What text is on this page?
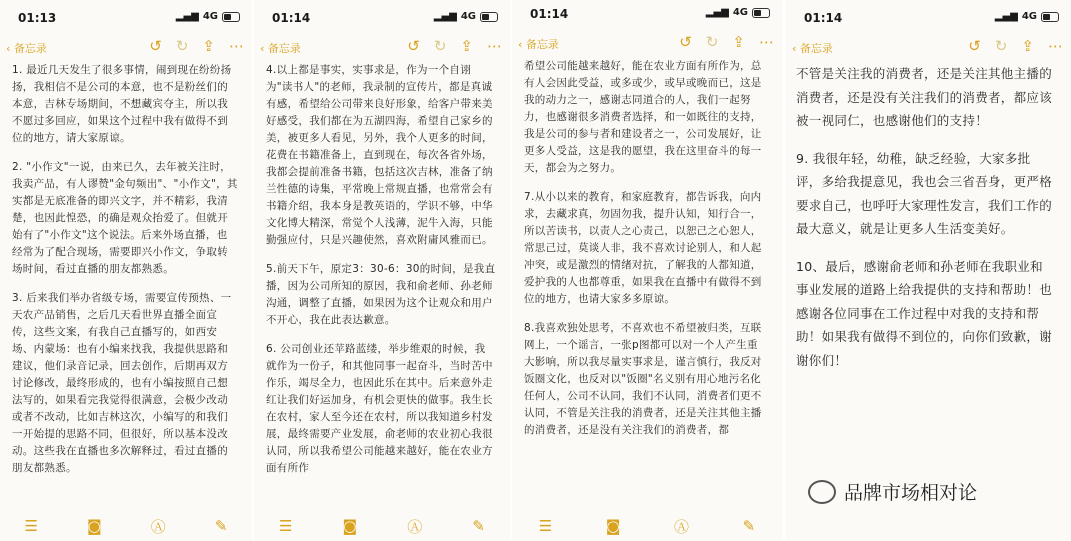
01:13	▂▄▆ 4G
‹ 备忘录	↺ ↻ ⇪ ⋯

1. 最近几天发生了很多事情，闹到现在纷纷扬扬，我相信不是公司的本意，也不是粉丝们的本意，吉林专场期间，不想藏宾夺主，所以我不愿过多回应，如果这个过程中我有做得不到位的地方，请大家原谅。

2. "小作文"一说，由来已久，去年被关注时，我卖产品，有人谬赞"金句频出"、"小作文"，其实都是无底准备的即兴文字，并不精彩，我清楚，也因此惶恐，的确是观众抬爱了。但就开始有了"小作文"这个说法。后来外场直播，也经常为了配合现场，需要即兴小作文，争取转场时间，看过直播的朋友都熟悉。

3. 后来我们举办省级专场，需要宣传预热、一天农产品销售，之后几天看世界直播全面宣传，这些文案，有我自己直播写的，如西安场、内蒙场：也有小编来找我，我提供思路和建议，他们录音记录，回去创作，后期再双方讨论修改，最终形成的，也有小编按照自己想法写的，如果看完我觉得很满意，会极少改动或者不改动，比如吉林这次，小编写的和我们一开始提的思路不同，但很好，所以基本没改动。这些我在直播也多次解释过，看过直播的朋友都熟悉。

☰	◙	Ⓐ	✎
01:14	▂▄▆ 4G
‹ 备忘录	↺ ↻ ⇪ ⋯

4.以上都是事实，实事求是，作为一个自诩为"读书人"的老师，我录制的宣传片，都是真诚有感，希望给公司带来良好形象，给客户带来美好感受，我们都在为五湖四海，希望自己家乡的美，被更多人看见，另外，我个人更多的时间，花费在书籍准备上，直到现在，每次各省外场，我都会提前准备书籍，包括这次吉林，准备了纳兰性德的诗集，平常晚上常规直播，也常常会有书籍介绍，我本身是教英语的，学识不够，中华文化博大精深，常觉个人浅薄，泥牛入海，只能勤强应付，只是兴趣使然，喜欢附庸风雅而已。

5.前天下午，原定3：30-6：30的时间，是我直播，因为公司所知的原因，我和俞老师、孙老师沟通，调整了直播，如果因为这个让观众和用户不开心，我在此表达歉意。

6. 公司创业还苹路蓝缕，举步维艰的时候，我就作为一份子，和其他同事一起奋斗，当时苦中作乐，竭尽全力，也因此乐在其中。后来意外走红让我们好运加身，有机会更快的做事。我生长在农村，家人至今还在农村，所以我知道乡村发展，最终需要产业发展，俞老师的农业初心我很认同，所以我希望公司能越来越好，能在农业方面有所作

☰	◙	Ⓐ	✎
01:14	▂▄▆ 4G
‹ 备忘录	↺ ↻ ⇪ ⋯

希望公司能越来越好，能在农业方面有所作为，总有人会因此受益，或多或少，或早或晚而已，这是我的动力之一，感谢志同道合的人，我们一起努力，也感谢很多消费者选择，和一如既往的支持，我是公司的参与者和建设者之一，公司发展好，让更多人受益，这是我的愿望，我在这里奋斗的每一天，都会为之努力。

7.从小以来的教育，和家庭教育，都告诉我，向内求，去藏求真，勿固勿我，提升认知，知行合一，所以苦读书，以责人之心责己，以恕己之心恕人，常思己过，莫谈人非，我不喜欢讨论别人，和人起冲突，或是激烈的情绪对抗，了解我的人都知道，爱护我的人也都尊重，如果我在直播中有做得不到位的地方，也请大家多多原谅。

8.我喜欢独处思考，不喜欢也不希望被归类，互联网上，一个谣言，一张p图都可以对一个人产生重大影响，所以我尽量实事求是，谨言慎行，我反对饭圈文化，也反对以"饭圈"名义别有用心地污名化任何人，公司不认同，我们不认同，消费者们更不认同，不管是关注我的消费者，还是关注其他主播的消费者，还是没有关注我们的消费者，都

☰	◙	Ⓐ	✎
01:14	▂▄▆ 4G
‹ 备忘录	↺ ↻ ⇪ ⋯

不管是关注我的消费者，还是关注其他主播的消费者，还是没有关注我们的消费者，都应该被一视同仁，也感谢他们的支持！

9. 我很年轻，幼稚，缺乏经验，大家多批评，多给我提意见，我也会三省吾身，更严格要求自己，也呼吁大家理性发言，我们工作的最大意义，就是让更多人生活变美好。

10、最后，感谢俞老师和孙老师在我职业和事业发展的道路上给我提供的支持和帮助！也感谢各位同事在工作过程中对我的支持和帮助！如果我有做得不到位的，向你们致歉，谢谢你们！

品牌市场相对论
